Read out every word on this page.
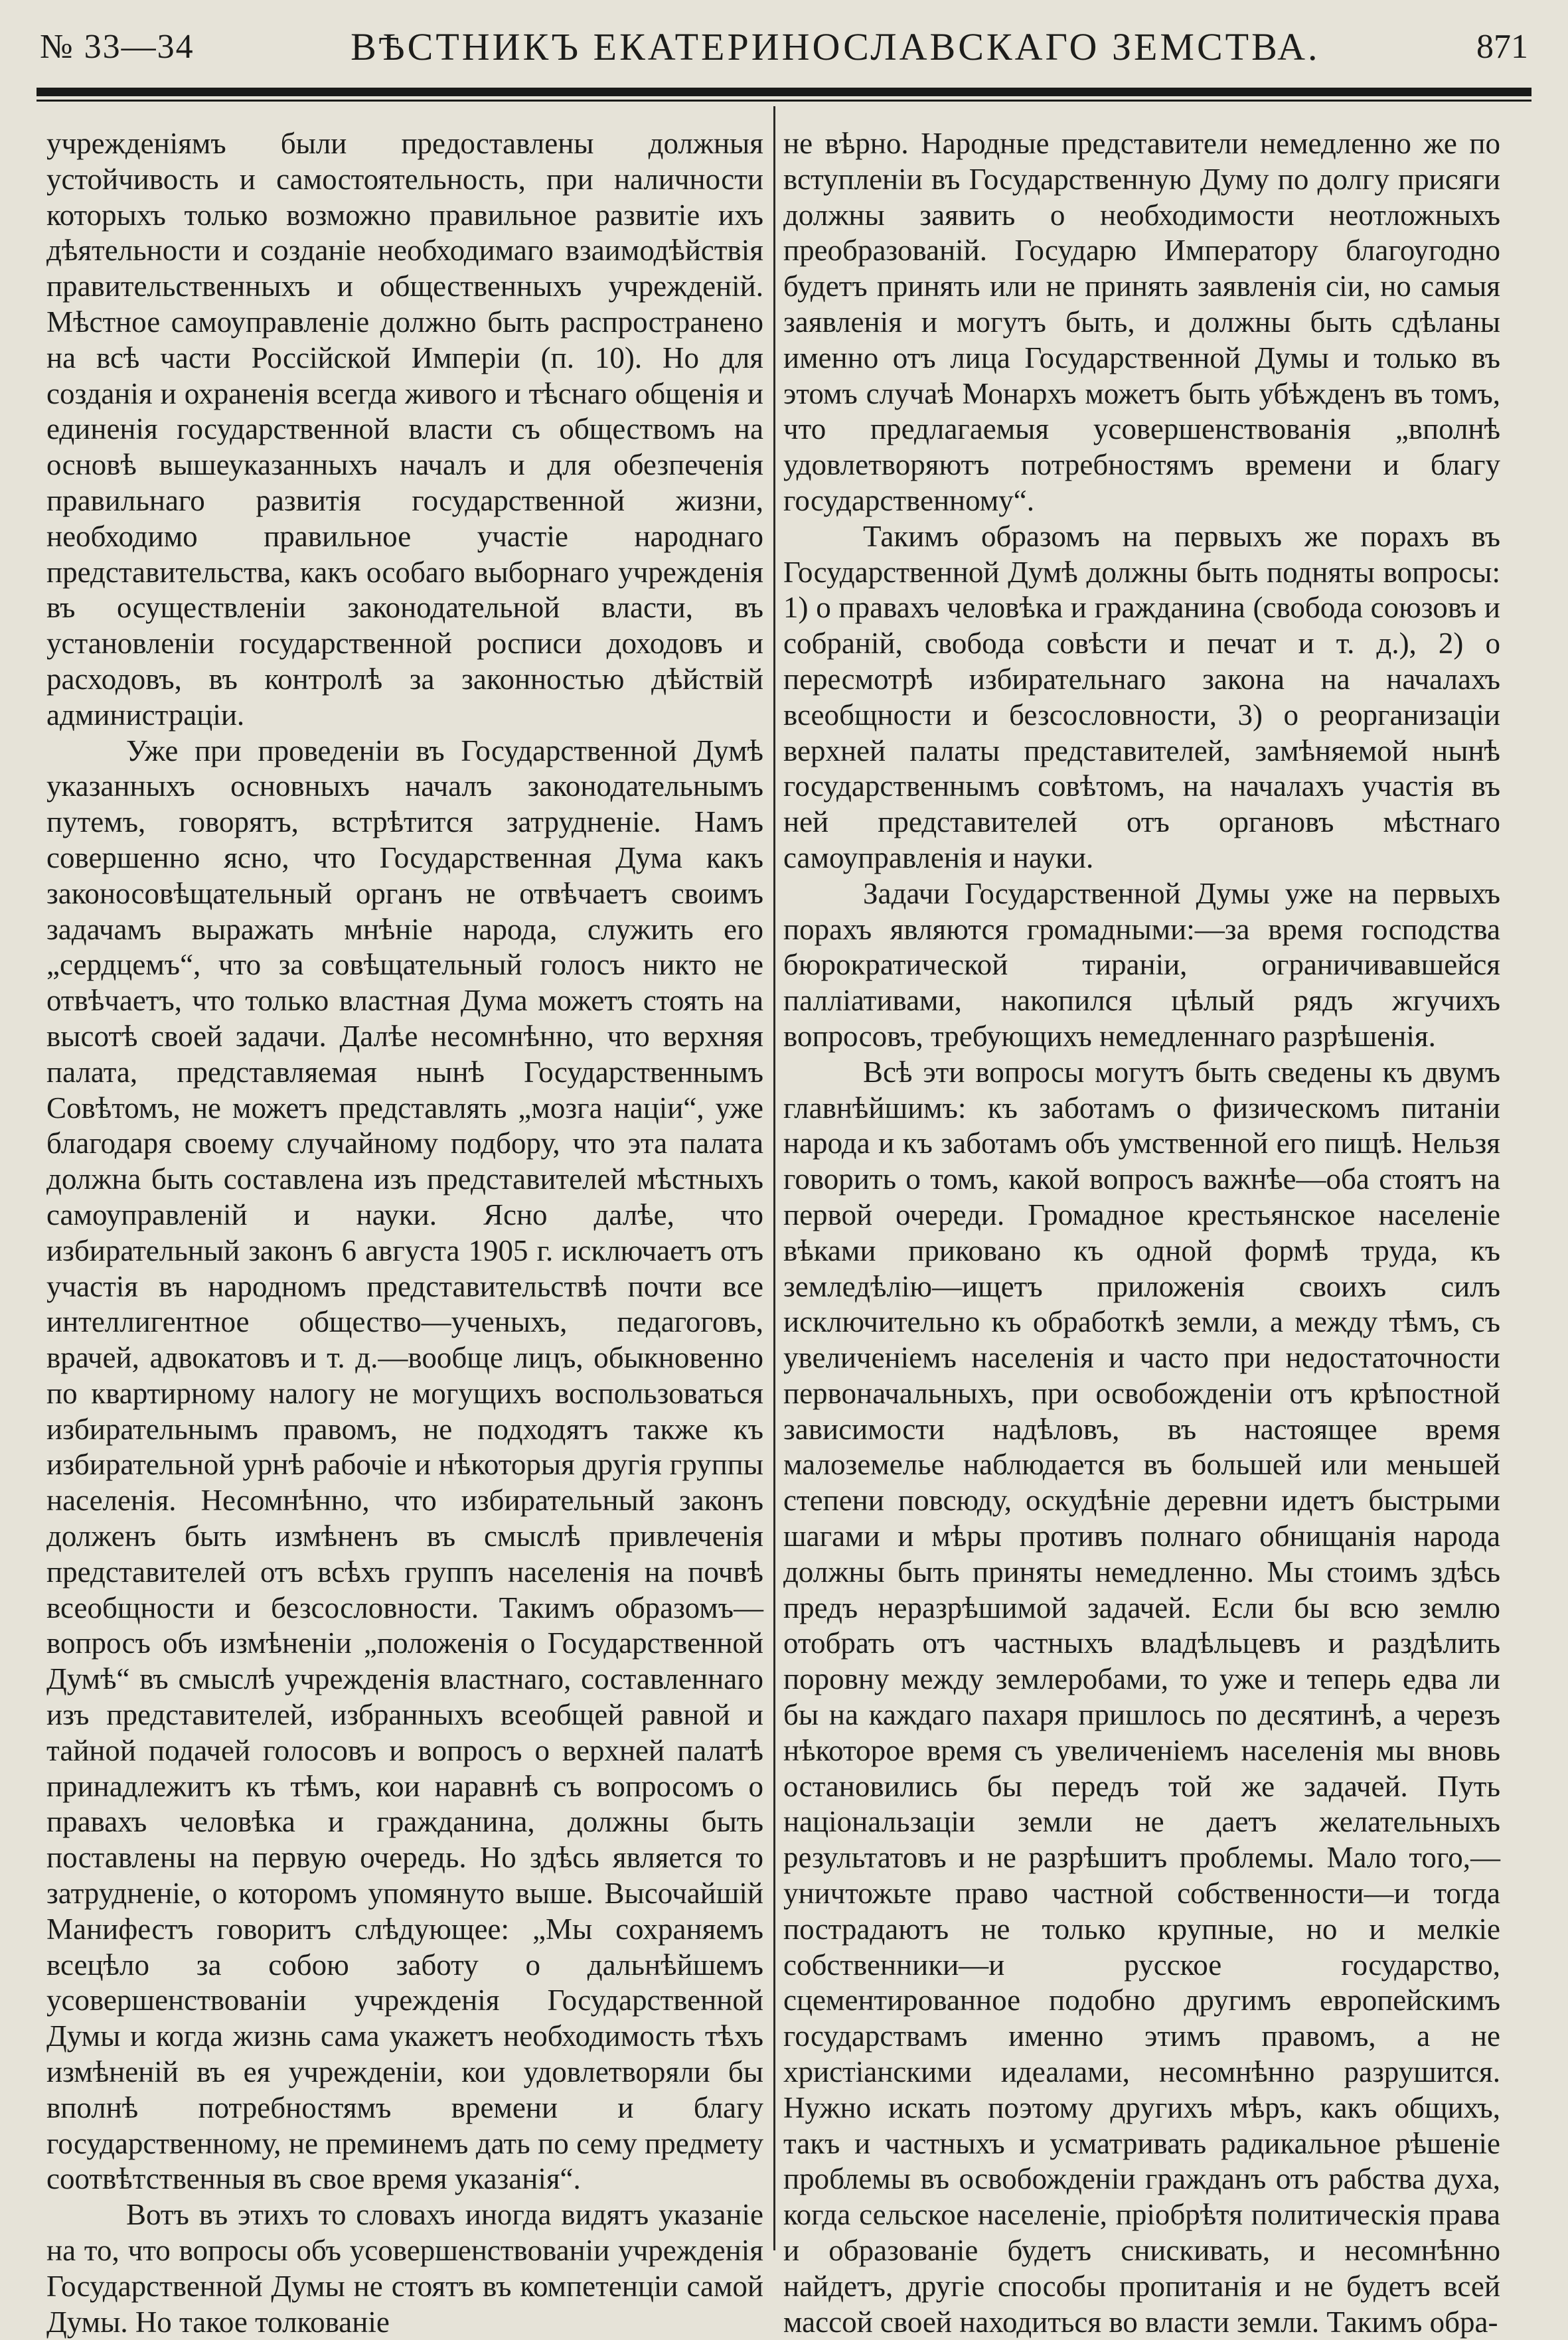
№ 33—34	ВѢСТНИКЪ ЕКАТЕРИНОСЛАВСКАГО ЗЕМСТВА.	871

учрежденіямъ были предоставлены должныя устойчивость и самостоятельность, при наличности которыхъ только возможно правильное развитіе ихъ дѣятельности и созданіе необходимаго взаимодѣйствія правительственныхъ и общественныхъ учрежденій. Мѣстное самоуправленіе должно быть распространено на всѣ части Россійской Имперіи (п. 10). Но для созданія и охраненія всегда живого и тѣснаго общенія и единенія государственной власти съ обществомъ на основѣ вышеуказанныхъ началъ и для обезпеченія правильнаго развитія государственной жизни, необходимо правильное участіе народнаго представительства, какъ особаго выборнаго учрежденія въ осуществленіи законодательной власти, въ установленіи государственной росписи доходовъ и расходовъ, въ контролѣ за законностью дѣйствій администраціи.

Уже при проведеніи въ Государственной Думѣ указанныхъ основныхъ началъ законодательнымъ путемъ, говорятъ, встрѣтится затрудненіе. Намъ совершенно ясно, что Государственная Дума какъ законосовѣщательный органъ не отвѣчаетъ своимъ задачамъ выражать мнѣніе народа, служить его „сердцемъ“, что за совѣщательный голосъ никто не отвѣчаетъ, что только властная Дума можетъ стоять на высотѣ своей задачи. Далѣе несомнѣнно, что верхняя палата, представляемая нынѣ Государственнымъ Совѣтомъ, не можетъ представлять „мозга націи“, уже благодаря своему случайному подбору, что эта палата должна быть составлена изъ представителей мѣстныхъ самоуправленій и науки. Ясно далѣе, что избирательный законъ 6 августа 1905 г. исключаетъ отъ участія въ народномъ представительствѣ почти все интеллигентное общество—ученыхъ, педагоговъ, врачей, адвокатовъ и т. д.—вообще лицъ, обыкновенно по квартирному налогу не могущихъ воспользоваться избирательнымъ правомъ, не подходятъ также къ избирательной урнѣ рабочіе и нѣкоторыя другія группы населенія. Несомнѣнно, что избирательный законъ долженъ быть измѣненъ въ смыслѣ привлеченія представителей отъ всѣхъ группъ населенія на почвѣ всеобщности и безсословности. Такимъ образомъ—вопросъ объ измѣненіи „положенія о Государственной Думѣ“ въ смыслѣ учрежденія властнаго, составленнаго изъ представителей, избранныхъ всеобщей равной и тайной подачей голосовъ и вопросъ о верхней палатѣ принадлежитъ къ тѣмъ, кои наравнѣ съ вопросомъ о правахъ человѣка и гражданина, должны быть поставлены на первую очередь. Но здѣсь является то затрудненіе, о которомъ упомянуто выше. Высочайшій Манифестъ говоритъ слѣдующее: „Мы сохраняемъ всецѣло за собою заботу о дальнѣйшемъ усовершенствованіи учрежденія Государственной Думы и когда жизнь сама укажетъ необходимость тѣхъ измѣненій въ ея учрежденіи, кои удовлетворяли бы вполнѣ потребностямъ времени и благу государственному, не преминемъ дать по сему предмету соотвѣтственныя въ свое время указанія“.

Вотъ въ этихъ то словахъ иногда видятъ указаніе на то, что вопросы объ усовершенствованіи учрежденія Государственной Думы не стоятъ въ компетенціи самой Думы. Но такое толкованіе

не вѣрно. Народные представители немедленно же по вступленіи въ Государственную Думу по долгу присяги должны заявить о необходимости неотложныхъ преобразованій. Государю Императору благоугодно будетъ принять или не принять заявленія сіи, но самыя заявленія и могутъ быть, и должны быть сдѣланы именно отъ лица Государственной Думы и только въ этомъ случаѣ Монархъ можетъ быть убѣжденъ въ томъ, что предлагаемыя усовершенствованія „вполнѣ удовлетворяютъ потребностямъ времени и благу государственному“.

Такимъ образомъ на первыхъ же порахъ въ Государственной Думѣ должны быть подняты вопросы: 1) о правахъ человѣка и гражданина (свобода союзовъ и собраній, свобода совѣсти и печат и т. д.), 2) о пересмотрѣ избирательнаго закона на началахъ всеобщности и безсословности, 3) о реорганизаціи верхней палаты представителей, замѣняемой нынѣ государственнымъ совѣтомъ, на началахъ участія въ ней представителей отъ органовъ мѣстнаго самоуправленія и науки.

Задачи Государственной Думы уже на первыхъ порахъ являются громадными:—за время господства бюрократической тираніи, ограничивавшейся палліативами, накопился цѣлый рядъ жгучихъ вопросовъ, требующихъ немедленнаго разрѣшенія.

Всѣ эти вопросы могутъ быть сведены къ двумъ главнѣйшимъ: къ заботамъ о физическомъ питаніи народа и къ заботамъ объ умственной его пищѣ. Нельзя говорить о томъ, какой вопросъ важнѣе—оба стоятъ на первой очереди. Громадное крестьянское населеніе вѣками приковано къ одной формѣ труда, къ земледѣлію—ищетъ приложенія своихъ силъ исключительно къ обработкѣ земли, а между тѣмъ, съ увеличеніемъ населенія и часто при недостаточности первоначальныхъ, при освобожденіи отъ крѣпостной зависимости надѣловъ, въ настоящее время малоземелье наблюдается въ большей или меньшей степени повсюду, оскудѣніе деревни идетъ быстрыми шагами и мѣры противъ полнаго обнищанія народа должны быть приняты немедленно. Мы стоимъ здѣсь предъ неразрѣшимой задачей. Если бы всю землю отобрать отъ частныхъ владѣльцевъ и раздѣлить поровну между землеробами, то уже и теперь едва ли бы на каждаго пахаря пришлось по десятинѣ, а черезъ нѣкоторое время съ увеличеніемъ населенія мы вновь остановились бы передъ той же задачей. Путь національзаціи земли не даетъ желательныхъ результатовъ и не разрѣшитъ проблемы. Мало того,—уничтожьте право частной собственности—и тогда пострадаютъ не только крупные, но и мелкіе собственники—и русское государство, сцементированное подобно другимъ европейскимъ государствамъ именно этимъ правомъ, а не христіанскими идеалами, несомнѣнно разрушится. Нужно искать поэтому другихъ мѣръ, какъ общихъ, такъ и частныхъ и усматривать радикальное рѣшеніе проблемы въ освобожденіи гражданъ отъ рабства духа, когда сельское населеніе, пріобрѣтя политическія права и образованіе будетъ снискивать, и несомнѣнно найдетъ, другіе способы пропитанія и не будетъ всей массой своей находиться во власти земли. Такимъ обра-
